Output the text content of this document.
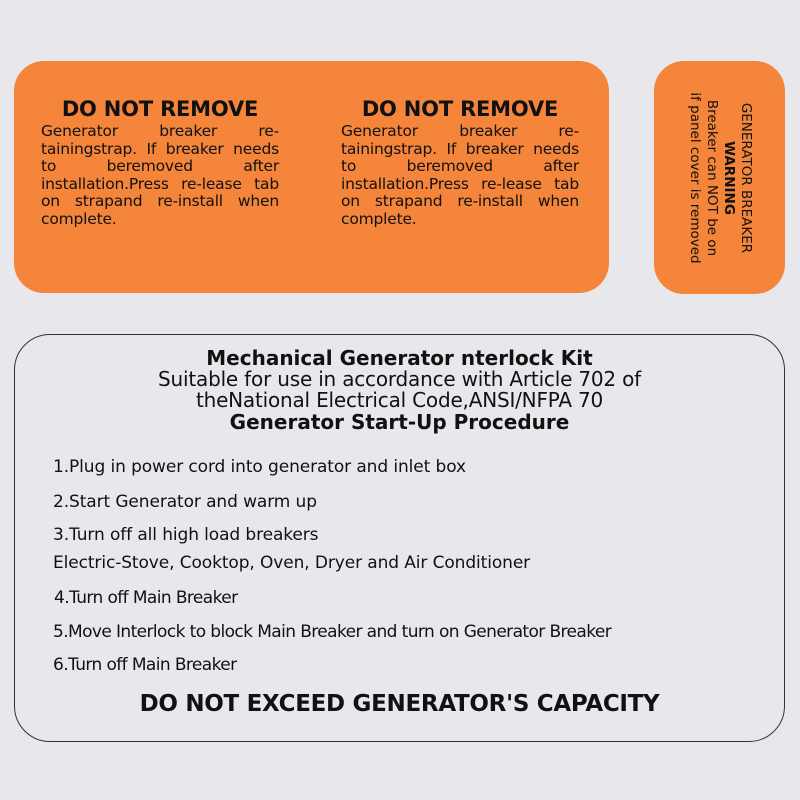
DO NOT REMOVE
Generator breaker re-tainingstrap. If breaker needs to beremoved after installation.Press re-lease tab on strapand re-install when complete.
DO NOT REMOVE
Generator breaker re-tainingstrap. If breaker needs to beremoved after installation.Press re-lease tab on strapand re-install when complete.	GENERATOR BREAKER
WARNING
Breaker can NOT be on
if panel cover is removed
Mechanical Generator nterlock Kit
Suitable for use in accordance with Article 702 of
theNational Electrical Code,ANSI/NFPA 70
Generator Start-Up Procedure
1.Plug in power cord into generator and inlet box
2.Start Generator and warm up
3.Turn off all high load breakers
Electric-Stove, Cooktop, Oven, Dryer and Air Conditioner
4.Turn off Main Breaker
5.Move Interlock to block Main Breaker and turn on Generator Breaker
6.Turn off Main Breaker
DO NOT EXCEED GENERATOR'S CAPACITY
